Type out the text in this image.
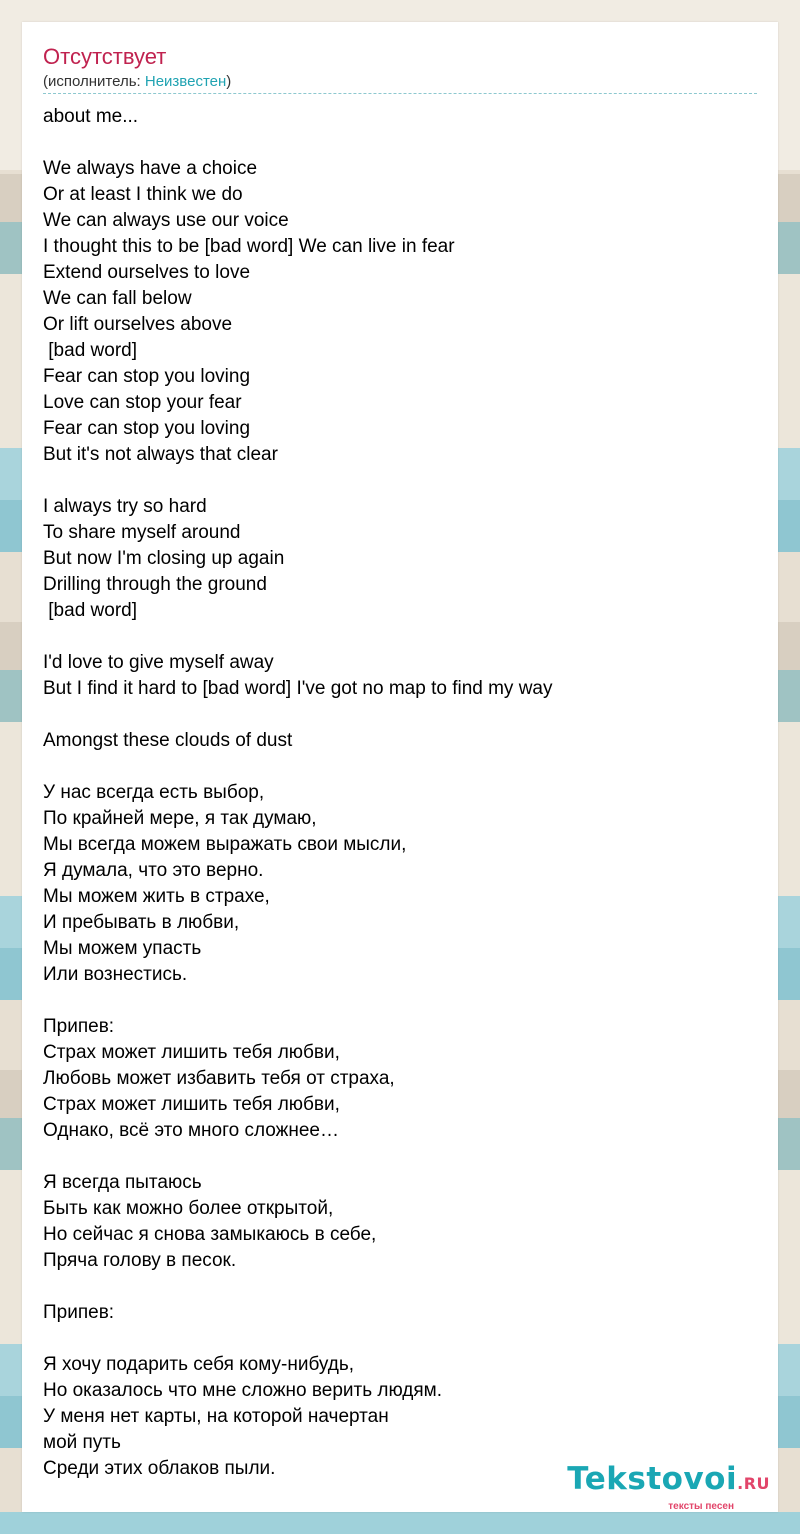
Отсутствует
(исполнитель: Неизвестен)
about me...
We always have a choice
Or at least I think we do
We can always use our voice
I thought this to be [bad word] We can live in fear
Extend ourselves to love
We can fall below
Or lift ourselves above
[bad word]
Fear can stop you loving
Love can stop your fear
Fear can stop you loving
But it's not always that clear
I always try so hard
To share myself around
But now I'm closing up again
Drilling through the ground
[bad word]
I'd love to give myself away
But I find it hard to [bad word] I've got no map to find my way
Amongst these clouds of dust
У нас всегда есть выбор,
По крайней мере, я так думаю,
Мы всегда можем выражать свои мысли,
Я думала, что это верно.
Мы можем жить в страхе,
И пребывать в любви,
Мы можем упасть
Или вознестись.
Припев:
Страх может лишить тебя любви,
Любовь может избавить тебя от страха,
Страх может лишить тебя любви,
Однако, всё это много сложнее…
Я всегда пытаюсь
Быть как можно более открытой,
Но сейчас я снова замыкаюсь в себе,
Пряча голову в песок.
Припев:
Я хочу подарить себя кому-нибудь,
Но оказалось что мне сложно верить людям.
У меня нет карты, на которой начертан
мой путь
Среди этих облаков пыли.	Tekstovoi.RU
тексты песен
